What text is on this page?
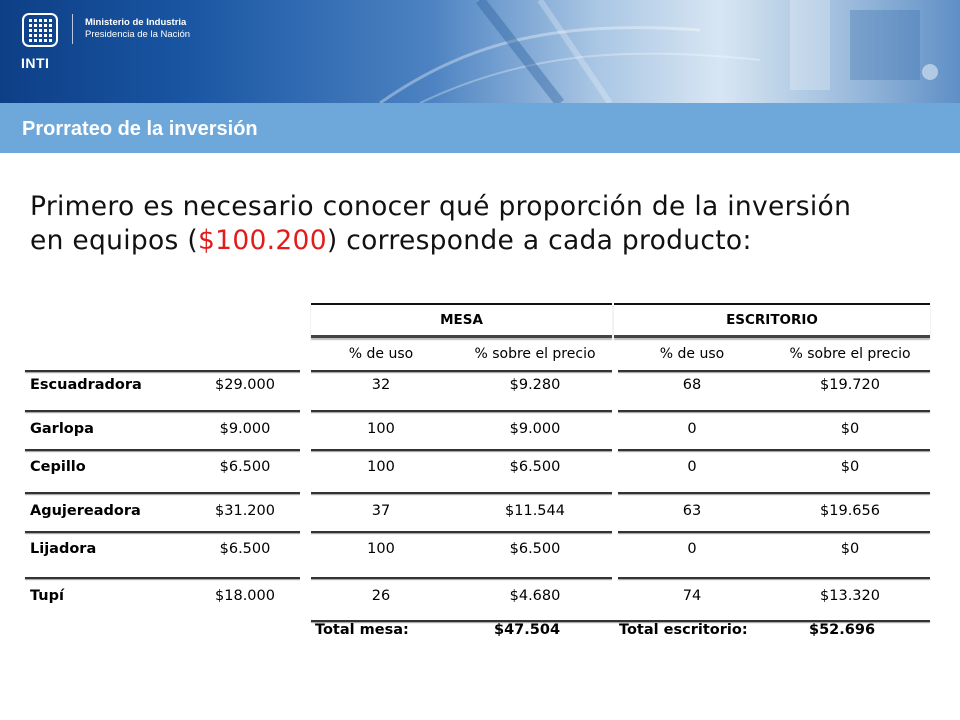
INTI
Ministerio de Industria
Presidencia de la Nación
Prorrateo de la inversión
Primero es necesario conocer qué proporción de la inversión
en equipos ($100.200) corresponde a cada producto:
MESA	ESCRITORIO
% de uso	% sobre el precio	% de uso	% sobre el precio
Escuadradora	$29.000	32	$9.280	68	$19.720
Garlopa	$9.000	100	$9.000	0	$0
Cepillo	$6.500	100	$6.500	0	$0
Agujereadora	$31.200	37	$11.544	63	$19.656
Lijadora	$6.500	100	$6.500	0	$0
Tupí	$18.000	26	$4.680	74	$13.320
Total mesa:	$47.504	Total escritorio:	$52.696
